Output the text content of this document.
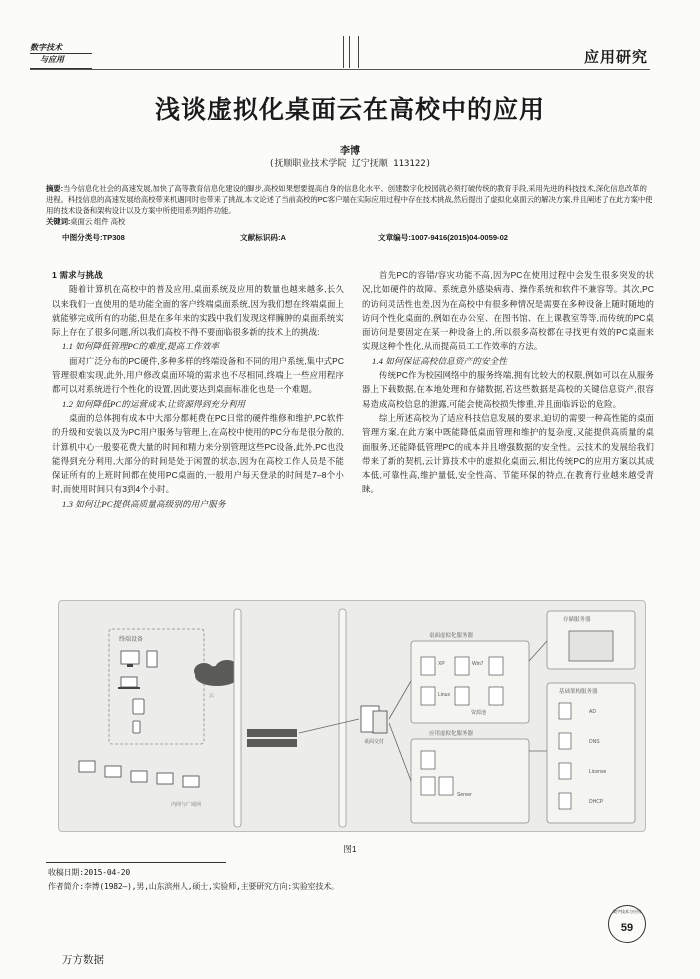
数字技术
与应用	应用研究
浅谈虚拟化桌面云在高校中的应用
李博
(抚顺职业技术学院 辽宁抚顺 113122)
摘要:当今信息化社会的高速发展,加快了高等教育信息化建设的脚步,高校如果想要提高自身的信息化水平、创建数字化校园就必须打破传统的教育手段,采用先进的科技技术,深化信息改革的进程。科技信息的高速发展给高校带来机遇同时也带来了挑战,本文论述了当前高校的PC客户端在实际应用过程中存在技术挑战,然后提出了虚拟化桌面云的解决方案,并且阐述了在此方案中使用的技术设备和架构设计以及方案中所使用系列组件功能。
关键词:桌面云 组件 高校
中图分类号:TP308	文献标识码:A	文章编号:1007-9416(2015)04-0059-02

1 需求与挑战

随着计算机在高校中的普及应用,桌面系统及应用的数量也越来越多,长久以来我们一直使用的是功能全面的客户终端桌面系统,因为我们想在终端桌面上就能够完成所有的功能,但是在多年来的实践中我们发现这样臃肿的桌面系统实际上存在了很多问题,所以我们高校不得不要面临很多新的技术上的挑战:

1.1 如何降低管理PC的难度,提高工作效率

面对广泛分布的PC硬件,多种多样的终端设备和不同的用户系统,集中式PC管理很难实现,此外,用户修改桌面环境的需求也不尽相同,终端上一些应用程序都可以对系统进行个性化的设置,因此要达到桌面标准化也是一个难题。

1.2 如何降低PC的运营成本,让资源得到充分利用

桌面的总体拥有成本中大部分都耗费在PC日常的硬件维修和维护,PC软件的升级和安装以及为PC用户服务与管理上,在高校中使用的PC分布是很分散的,计算机中心一般要花费大量的时间和精力来分别管理这些PC设备,此外,PC也没能得到充分利用,大部分的时间是处于闲置的状态,因为在高校工作人员是不能保证所有的上班时间都在使用PC桌面的,一般用户每天登录的时间是7–8个小时,而使用时间只有3到4个小时。

1.3 如何让PC提供高质量高级别的用户服务

首先PC的容错/容灾功能不高,因为PC在使用过程中会发生很多突发的状况,比如硬件的故障、系统意外感染病毒、操作系统和软件不兼容等。其次,PC的访问灵活性也差,因为在高校中有很多种情况是需要在多种设备上随时随地的访问个性化桌面的,例如在办公室、在图书馆、在上课教室等等,而传统的PC桌面访问是要固定在某一种设备上的,所以很多高校都在寻找更有效的PC桌面来实现这种个性化,从而提高员工工作效率的方法。

1.4 如何保证高校信息资产的安全性

传统PC作为校园网络中的服务终端,拥有比较大的权限,例如可以在从服务器上下载数据,在本地处理和存储数据,若这些数据是高校的关键信息资产,很容易造成高校信息的泄露,可能会使高校损失惨重,并且面临诉讼的危险。

综上所述高校为了适应科技信息发展的要求,迫切的需要一种高性能的桌面管理方案,在此方案中既能降低桌面管理和维护的复杂度,又能提供高质量的桌面服务,还能降低管理PC的成本并且增强数据的安全性。云技术的发展给我们带来了新的契机,云计算技术中的虚拟化桌面云,相比传统PC的应用方案以其成本低,可靠性高,维护量低,安全性高、节能环保的特点,在教育行业越来越受青睐。

终端设备
云
内网与广域网
桌面交付
桌面虚拟化服务器
XP	Win7
Linux
资源池
应用虚拟化服务器
Server
存储服务器
基础架构服务器
AD
DNS
License
DHCP
图1
收稿日期:2015-04-20
作者简介:李博(1982—),男,山东滨州人,硕士,实验师,主要研究方向:实验室技术。
数字技术与应用
59
万方数据
